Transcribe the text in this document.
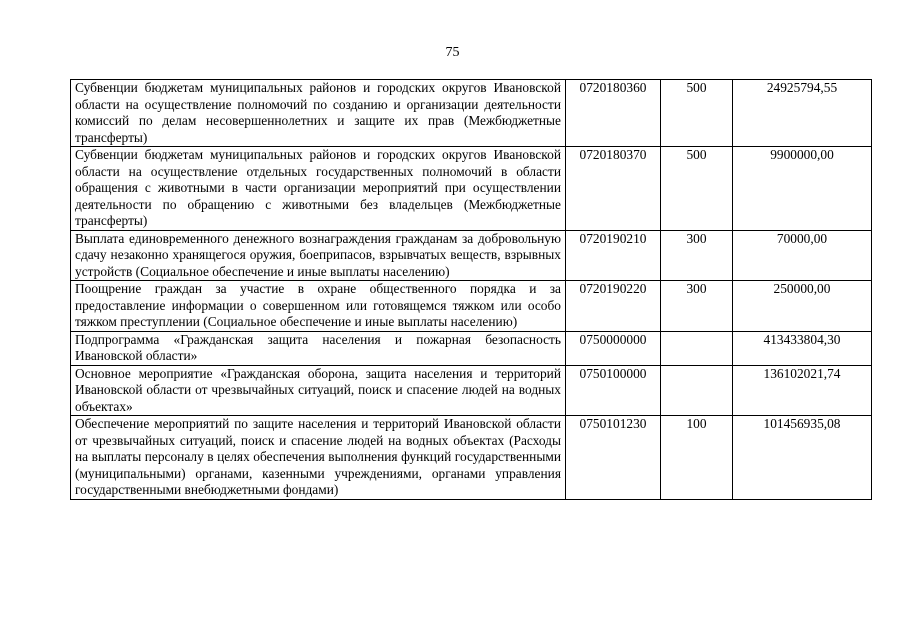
75
Субвенции бюджетам муниципальных районов и городских округов Ивановской области на осуществление полномочий по созданию и организации деятельности комиссий по делам несовершеннолетних и защите их прав (Межбюджетные трансферты)	0720180360	500	24925794,55
Субвенции бюджетам муниципальных районов и городских округов Ивановской области на осуществление отдельных государственных полномочий в области обращения с животными в части организации мероприятий при осуществлении деятельности по обращению с животными без владельцев (Межбюджетные трансферты)	0720180370	500	9900000,00
Выплата единовременного денежного вознаграждения гражданам за добровольную сдачу незаконно хранящегося оружия, боеприпасов, взрывчатых веществ, взрывных устройств (Социальное обеспечение и иные выплаты населению)	0720190210	300	70000,00
Поощрение граждан за участие в охране общественного порядка и за предоставление информации о совершенном или готовящемся тяжком или особо тяжком преступлении (Социальное обеспечение и иные выплаты населению)	0720190220	300	250000,00
Подпрограмма «Гражданская защита населения и пожарная безопасность Ивановской области»	0750000000		413433804,30
Основное мероприятие «Гражданская оборона, защита населения и территорий Ивановской области от чрезвычайных ситуаций, поиск и спасение людей на водных объектах»	0750100000		136102021,74
Обеспечение мероприятий по защите населения и территорий Ивановской области от чрезвычайных ситуаций, поиск и спасение людей на водных объектах (Расходы на выплаты персоналу в целях обеспечения выполнения функций государственными (муниципальными) органами, казенными учреждениями, органами управления государственными внебюджетными фондами)	0750101230	100	101456935,08
